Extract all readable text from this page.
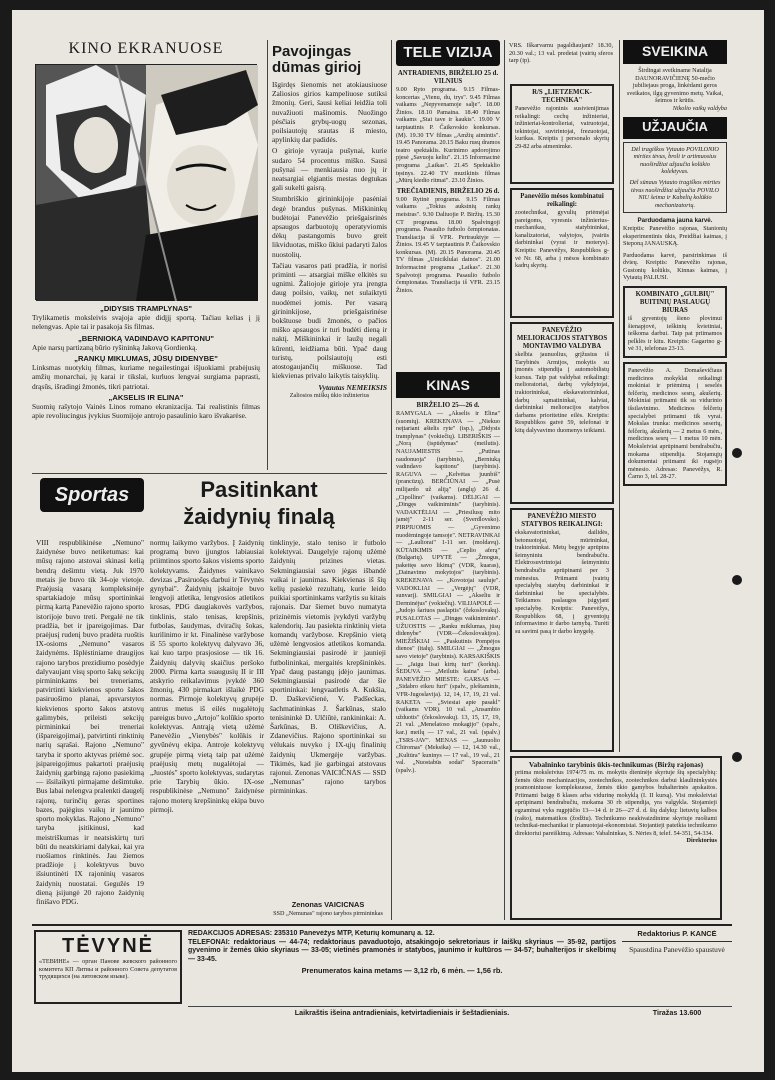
KINO EKRANUOSE
„DIDYSIS TRAMPLYNAS"
Trylikametis moksleivis svajoja apie didįjį sportą. Tačiau kelias į jį nelengvas. Apie tai ir pasakoja šis filmas.
„BERNIOKĄ VADINDAVO KAPITONU"
Apie narsų partizaną būrio ryšininką Jakovą Gordienką.
„RANKŲ MIKLUMAS, JŪSŲ DIDENYBE"
Linksmas nuotykių filmas, kuriame negailestingai išjuokiami prabėjusių amžių monarchai, jų karai ir tikslai, kurluos lengvai surgiama paprasti, drąsūs, išradingi žmonės, tikri patriotai.
„AKSELIS IR ELINA"
Suomių rašytojo Vainės Linos romano ekranizacija. Tai realistinis filmas apie revoliucingus įvykius Suomijoje antrojo pasaulinio karo išvakarėse.
Pavojingas dūmas girioj

Išgirdęs šienomis net atokiausiuose Zaliosios girios kampeliuose sutiksi žmonių. Geri, šausi keliai leidžia toli nuvažiuoti mašinomis. Nuožingo pėsčiais grybų-uogų sezonas, poilsiautojų srautas iš miesto, apylinkių dar padidės.

O girioje vyrauja pušynai, kurie sudaro 54 procentus miško. Sausi pušynai — menkiausia nuo jų ir neatsargiai elgiantis mestas degtukas gali sukelti gaisrą.

Stumbriškio girininkijoje pasėniai degė brandus pušynas. Miškininkų budėtojai Panevėžio priešgaisrinės apsaugos darbuotojų operatyviomis dėkų pastangomis buvo greit likviduotas, miško ūkiui padaryti žalos nuostolių.

Tačiau vasaros pati pradžia, ir norisi priminti — atsargiai miške elkitės su ugnimi. Žaliojoje girioje yra įrengta daug poilsio, vaikų, net sulaiktyti nuodėmei jomis. Per vasarą girininkijose, priešgaisrinėse bokštuose budi žmonės, o pačios miško apsaugos ir turi budėti dieną ir naktį. Miškininkai ir laužų negali kūrenti, leidžiama būti. Ypač daug turistų, poilsiautojų esti atostogaujančių miškuose. Tad kiekvienas privalo laikytis taisyklių.

Vytautas NEMEIKSIS
Zaliosios miškų ūkio inžinierius
TELE VIZIJA
ANTRADIENIS, BIRŽELIO 25 d.
VILNIUS
9.00 Ryto programa. 9.15 Filmas-koncertas „Vienu, du, trys". 9.45 Filmas vaikams „Nepyvenamoje salje". 18.00 Žinios. 18.10 Pamaina. 18.40 Filmas vaikams „Stai tave ir kaukis". 19.00 V tarptautinis P. Čaikovskio konkursas. (M). 19.30 TV filmas „Amžių aimintis". 19.45 Panorama. 20.15 Baku rusų dramos teatro spektaklis. Kurinimo apdorojimo pjesė „Savuoju keliu". 21.15 Informacinė programa „Laikas". 21.45 Spektaklio tęsinys. 22.40 TV muzikinis filmas „Mūrų kiedio ritmai". 23.10 Žinios.
TREČIADIENIS, BIRŽELIO 26 d.
9.00 Rytinė programa. 9.15 Filmas vaikams „Tokius auksinių rankų meistras". 9.30 Daliuojie P. Biržių. 15.30 CT programa. 18.00 Spalvingoji programa. Pasaulio futbolo čempionatas. Transliacija iš VFR. Pertrauktyje — Žinios. 19.45 V tarptautinis P. Čaikovskio konkursas. (M). 20.15 Panorama. 20.45 TV filmas „Uniciklulai dainos". 21.00 Informacinė programa „Laikas". 21.30 Spalvotoji programa. Pasaulio futbolo čempionatas. Transliacija iš VFR. 23.15 Žinios.
KINAS
BIRŽELIO 25—26 d.
RAMYGALA — „Akselis ir Elina" (suomių). KREKENAVA — „Niekuo neįtariant aštelis ryte" (isp.), „Didysis tramplynas" (vokiečių). LIBERIŠKIS — „Norą (ispūdymas" (meilutis). NAUJAMIESTIS — „Putinas raudonuoja" (tarybinis), „Berniuką vadindavo kapitonu" (tarybinis). RAGUVA — „Kelvėtas juunbiš" (prancūzų). BERČIŪNAI — „Pusė milijardo už aliją" (anglų) 26 d. „Cipollino" (vaikams). DĖLIGAI — „Dingęs vaikiniminis" (tarybinis). VADAKTĖLIAI — „Priesilusų mito jamėj" 2-11 ser. (Sverdlovsko). PIRPIUOMIS — „Gyvenimo nuodėmingoje tamsoje". NETRAVINKAI — „Lauliorai" 1-11 ser. (moldavų). KŪTAIKIMIS — „Ceplio aferą" (Bulgarių). UPYTĖ — „Žmogus, pakeitęs savo likimą" (VDR, kuaras), „Dainavimo mokytojos" (tarybinis). KREKENAVA — „Kovotojai sauluje". VADOKLIAI — „Vergėjų" (VDR, sunvarį). SMILGIAI — „Akseliu ir Derminėjus" (vokiečių). VILIJAPOLĖ — „Judojo šariuos paslaptis" (čekoslovakų). PUSALOTAS — „Dingęs vaikiniminis". UŽUOSTIS — „Ranku miklumas, jūsų didenybe" (VDR—Čekoslovakijos). MIEŽIŠKIAI — „Paskutinis Pompėjos dienos" (italų). SMILGIAI — „Žmogus savo vietoje" (tarybinis). KARSAKIŠKIS — „Jaigu lisai kirtų turi" (korkių). ŠEDUVA — „Meilutis kaina" (arba). PANEVĖŽIO MIESTE: GARSAS — „Sidabro eikeu furi" (spalv., pleštaminis, VFR-Jugoslavija). 12, 14, 17, 19, 21 val. RAKETA — „Sviesiai apie pasakl" (vaikams VDR). 10 val. „Ansambio užduotis" (čekoslovakų). 13, 15, 17, 19, 21 val. „Menelatoso mokagijo" (spalv., kar.) meilų — 17 val., 21 val. (spalv.) „TSRS-JAV". MENAS — „Jaunuolio Chiromas" (Meksika) — 12, 14.30 val., „Kultūra" kuninys — 17 val., 19 val., 21 val. „Nuostabūs sodai" Spaceraiis" (spalv.).
VRS. Iškarvarnu pagaldiaujant? 18.30, 20.30 val.; 13 val. predetai įvairių sferos tarp (ip).
R/S „LIETZEMCK-TECHNIKA"
Panevėžio rajoninis susivienijimas reikalingi: cechų inžinieriai, inžinieriai-kontrolieriai, vairuotojai, tekintojai, suvirintojai, frezuotojai, kurikas. Kreiptis į personalo skyrių 29-82 arba atmenimke.
Panevėžio mėsos kombinatui reikalingi:
zootechnikai, gyvulių priėmėjai pareigoms, vyresnis inžinierius-mechanikas, statybininkai, kanalizatoriai, valytojos, įvairūs darbininkai (vyrai ir moterys). Kreiptis: Panevėžys, Respublikos g-vė Nr. 68, arba į mėsos kombinato kadrų skyrių.
PANEVĖŽIO MELIORACIJOS STATYBOS MONTAVIMO VALDYBA
skelbia jaunuolius, grįžusius iš Tarybinės Armijos, mokytis su įmonės stipendija į automobilistų kursus. Taip pat valdybai reikalingi: melioratoriai, darbų vykdytojai, traktorininkai, ekskavatorininkai, darbų sąmatininkai, kalviai, darbininkai melioracijos statybos darbams prioritetine eilės. Kreiptis: Respublikos gatvė 59, telefonai ir kitų dalyvavimo duomenys teikiami.
PANEVĖŽIO MIESTO STATYBOS REIKALINGI:
ekskavatorininkai, dailidės, betonuotojai, mūrininkai, traktorininkai. Metų begyje aprūpins šeimyniniu bendrabučiu. Elektrosuvirintojai šeimyniniu bendrabučiu aprūpinami per 3 mėnesius. Priimami įvairių specialybų statybų darbininkai ir darbininkai be specialybės. Teikiamos paslaugos įsigyjant specialybę. Kreiptis: Panevėžys, Respublikos 68, į gyventojų informavimo ir darbo tarnybą. Turėti su savimi pasą ir darbo knygelę.
Vabalninko tarybinis ūkis-technikumas (Biržų rajonas)
priima moksleivius 1974/75 m. m. mokytis dieninėje skyriuje šių specialybių: žemės ūkio mechanizacijos, zootechnikos, zootechnikos darbui klaulininkystės pramoniniuose kompleksuose, žemės ūkio gamybos buhalterinės apskaitos. Priimami baigę 8 klases arba vidurinę mokyklą (I. II kursą). Visi moksleiviai aprūpinami bendrabučiu, mokama 30 rb stipendija, yra valgykla. Stojamieji egzaminai vyks rugpjūčio 13—14 d. ir 26—27 d. d. šių dalykų: lietuvių kalbos (rašto), matematikos (žodžiu). Technikumo neakivaizdinime skyriuje ruošiami technikai-mechanikai ir planuotojai-ekonomistai. Stojantieji pateikia technikumo direktoriui pareiškimą. Adresas: Vabalninkas, S. Nėries 8, telef. 54-351, 54-334.
Direktorius
SVEIKINA
Širdingai sveikiname Natalija DAUNORAVIČIENĘ 50-mečio jubiliejaus proga, linkėdami geros sveikatos, ilgų gyvenimo metų. Vaikai, šeimos ir krūtis.
Nikolio vaikų valdyba
UŽJAUČIA
Dėl tragiškos Vytauto POVILONIO mirties tėvus, broli ir artimuosius nuoširdžiai užjaučia kolūkio kolektyvas.
Dėl sūnaus Vytauto tragiškos mirties tėvus nuoširdžiai užjaučia POVILO NIU šeima ir Kabelių kolūkio mechanizatorių.
Parduodama jauna karvė.
Kreiptis: Panevėžio rajonas, Stanionių eksperimentinis ūkis, Preidžiai kaimas, į Steponą JANAUSKĄ.
Parduodama karvė, parsirinkimas iš dvieų. Kreiptis: Panevėžio rajonas, Gustonių kolūkis, Kinnas kaimas, į Vytautą PALIUSI.
KOMBINATO „GULBIŲ" BUITINIŲ PASLAUGŲ BIURAS
iš gyventojų šieno plovimui šienapjovė, ieškinių kvietiniai, ieškoma darbui. Taip pat priimamos pelklės ir kitu. Kreiptis: Gagarino g-vė 31, telefonas 23-13.
Panevėžio A. Domaševičiaus medicinos mokyklai reikalingi mokiniai ir priėmimą į seselės felčerių, medicinos sesrų, akušerių. Mokiniai priimami tik su vidurinio išsilavinimo. Medicinos felčerių specialybei priimami tik vyrai. Mokslas trunka: medicinos seserių, felčerių, akušerių — 2 metus 6 mėn., medicinos sesrų — 1 metus 10 mėn. Moksleiviai aprūpinami bendrabučiu, mokama stipendija. Stojamųjų dokumentai priimami iki rugsėjo mėnesio. Adresas: Panevėžys, R. Čarno 3, tel. 28-27.
Sportas	Pasitinkant žaidynių finalą
VIII respublikinėse „Nemuno" žaidynėse buvo netiketumas: kai mūsų rajono atstovai skinasi kelią bendrą dešimtu vietą. Juk 1970 metais jie buvo tik 34-oje vietoje. Praėjusią vasarą kompleksinėje spartakiadoje mūsų sportininkai pirmą kartą Panevėžio rajono sporto istorijoje buvo treti. Pergalė ne tik pradžia, bet ir įpareigojimas. Dar praėjusį rudenį buvo pradėta ruoštis IX-osioms „Nemuno" vasaros žaidynėms. Išplėstiniame draugijos rajono tarybos prezidiumo posėdyje dalyvaujant visų sporto šakų sekcijų pirmininkams bei treneriams, patvirtinti kiekvienos sporto šakos pasiruošimo planai, apsvarstytos kiekvienos sporto šakos atstovų galimybės, prileisti sekcijų pirmininkai bei treneriai (išpareigojimai), patvirtinti rinktinių narių sąrašai. Rajono „Nemuno" taryba ir sporto aktyvas priėmė soc. įsipareigojimus pakartoti praėjusių žaidynių garbingą rajono pasiekimą — išsilaikyti pirmajame dešimtuke. Bus labai nelengva pralenkti daugelį rajonų, turinčių geras sportines bazes, pajėgius vaikų ir jaunimo sporto mokyklas. Rajono „Nemuno" taryba įsitikinusi, kad meistriškumas ir neatsiskirtų turi būti du neatskiriami dalykai, kai yra ruošiamos rinktinės. Jau žiemos pradžioje į kolektyvus buvo išsiuntinėti IX rajoninių vasaros žaidynių nuostatai. Gegužės 19 dieną įsijungė 20 rajono žaidynių finišavo PDG.
normų laikymo varžybos. Į žaidynių programą buvo įjungtos labiausiai priimtinos sporto šakos visiems sporto kolektyvams. Žaidynes vainikavo devizas „Pasiruošęs darbui ir Tėvynės gynybai". Žaidynių įskaitoje buvo lengvoji atletika, lengvosios atletikos krosas, PDG daugiakovės varžybos, tinklinis, stalo tenisas, krepšinis, futbolas, šaudymas, dviračių šokas, kurilinimo ir kt. Finalinėse varžybose iš 55 sporto kolektyvų dalyvavo 36, kai kuo tarpo prasjosiose — tik 16. Žaidynių dalyvių skaičius peršoko 2000. Pirma karta suaugusių II ir III atskyrio reikalavimus įvykdė 360 žmonių, 430 pirmakart išlaikė PDG normas. Pirmoje kolektyvų grupėje antrus metus iš eilės nugalėtojų pareigus buvo „Artojo" kolūkio sporto kolektyvas. Antrąją vietą užėmė Panevėžio „Vienybės" kolūkis ir gyvūnėvų ekipa. Antroje kolektyvų grupėje pirmą vietą taip pat užėmė praėjusių metų nugalėtojai — „Juostės" sporto kolektyvas, sudarytas prie Tarybių ūkio. IX-ose respublikinėse „Nemuno" žaidynėse rajono moterų krepšininkų ekipa buvo pirmoji.
tinklinyje, stalo teniso ir futbolo kolektyvai. Daugelyje rajonų užėmė žaidynių prizines vietas. Sekmingiausiai savo jėgas išbandė vaikai ir jaunimas. Kiekvienas iš šių kelių pasiekė rezultatų, kurie leido puikiai sportininkams varžytis su kitais rajonais. Dar šiemet buvo numatyta prizinėmis vietomis įvykdyti varžybų kalendorių. Jau pasiekta rinktinių vieta komandų varžybose. Krepšinio vietą užėmė lengvosios atletikos komanda. Sekmingiausiai pasirodė ir jaunieji futbolininkai, mergaitės krepšininkės. Ypač daug pastangų įdėjo jaunimas. Sekmingiausiai pasirodė dar šie sportininkai: lengvaatletis A. Kukšia, D. Daškevičienė, V. Padšeckas, šachmatininkas J. Šarkūnas, stalo tenisininkė D. Ulčiūtė, rankininkai: A. Šarkūnas, B. Oliškevičius, A. Zdanevičius. Rajono sportininkai su vėlukais nuvyko į IX-ųjų finalinių žaidynių Ukmergėje varžybas. Tikimės, kad jie garbingai atstovaus rajonui. Zenonas VAICIČNAS — SSD „Nemunas" rajono tarybos pirmininkas.
Zenonas VAICICNAS
SSD „Nemunas" rajono tarybos pirmininkas
TĖVYNĖ
«ТЕВИНЕ» — орган Панове жевского районного комитета КП Литвы и районного Совета депутатов трудящихся (на литовском языке).
REDAKCIJOS ADRESAS: 235310 Panevėžys MTP, Keturių komunarų a. 12.
TELEFONAI: redaktoriaus — 44-74; redaktoriaus pavaduotojo, atsakingojo sekretoriaus ir laiškų skyriaus — 35-92, partijos gyvenimo ir žemės ūkio skyriaus — 33-05; vietinės pramonės ir statybos, jaunimo ir kultūros — 34-57; buhalterijos ir skelbimų — 33-45.
Prenumeratos kaina metams — 3,12 rb, 6 mėn. — 1,56 rb.
Redaktorius P. KANCĖ
Spaustdina Panevėžio spaustuvė
Laikraštis išeina antradieniais, ketvirtadieniais ir šeštadieniais.	Tiražas 13.600
